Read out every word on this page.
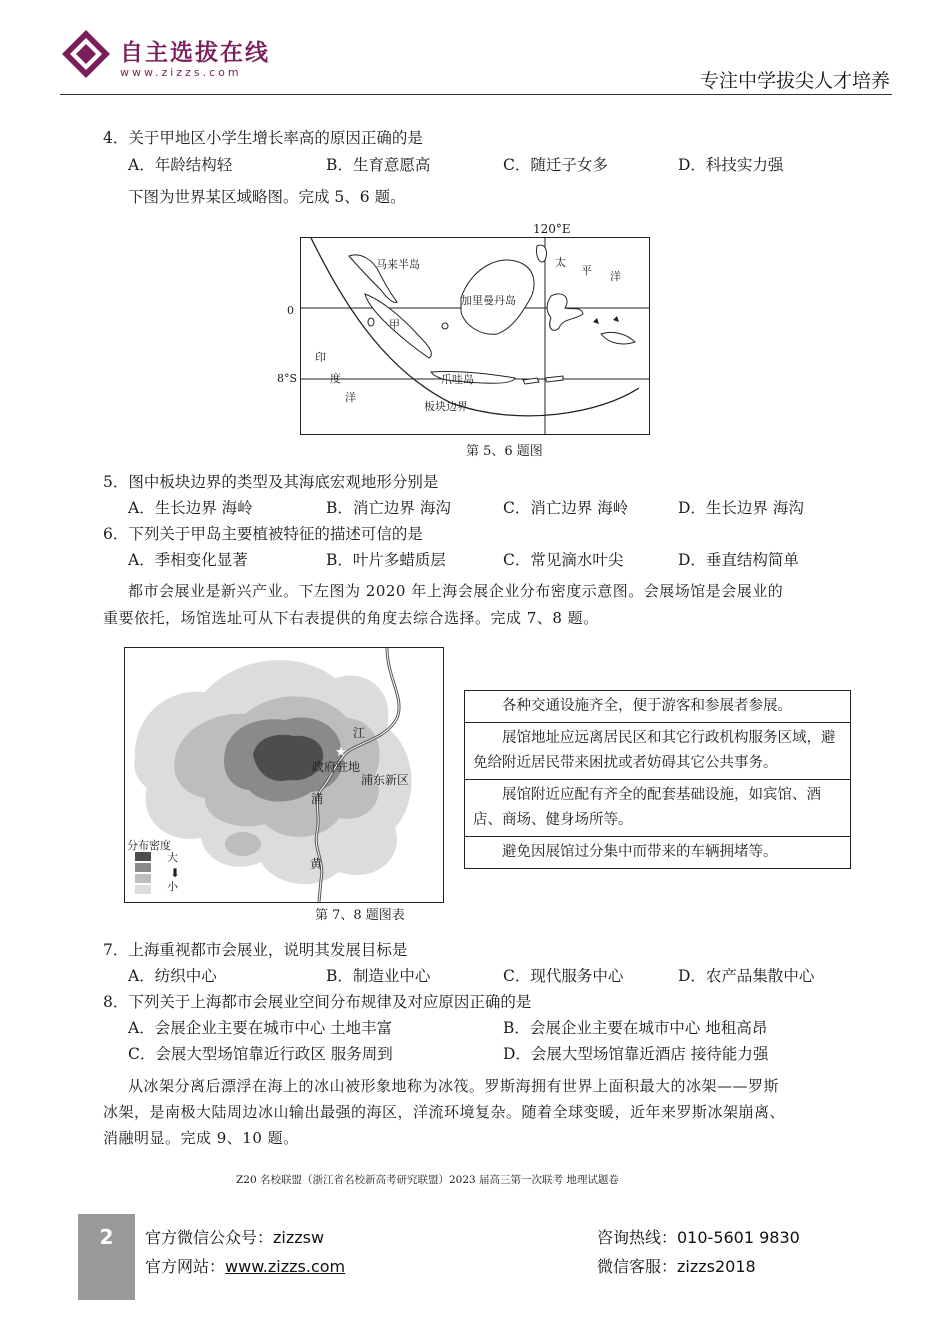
自主选拔在线
www.zizzs.com	专注中学拔尖人才培养
4．关于甲地区小学生增长率高的原因正确的是
A．年龄结构轻	B．生育意愿高	C．随迁子女多	D．科技实力强
下图为世界某区域略图。完成 5、6 题。
120°E
0
8°S
马来半岛
加里曼丹岛
甲
爪哇岛
板块边界
印
度
洋
太
平 洋
第 5、6 题图
5．图中板块边界的类型及其海底宏观地形分别是
A．生长边界 海岭	B．消亡边界 海沟	C．消亡边界 海岭	D．生长边界 海沟
6．下列关于甲岛主要植被特征的描述可信的是
A．季相变化显著	B．叶片多蜡质层	C．常见滴水叶尖	D．垂直结构简单
都市会展业是新兴产业。下左图为 2020 年上海会展企业分布密度示意图。会展场馆是会展业的
重要依托，场馆选址可从下右表提供的角度去综合选择。完成 7、8 题。
★
⬇
江
政府驻地
浦东新区
浦
黄
分布密度
大
小
第 7、8 题图表
各种交通设施齐全，便于游客和参展者参展。
展馆地址应远离居民区和其它行政机构服务区域，避免给附近居民带来困扰或者妨碍其它公共事务。
展馆附近应配有齐全的配套基础设施，如宾馆、酒店、商场、健身场所等。
避免因展馆过分集中而带来的车辆拥堵等。
7．上海重视都市会展业，说明其发展目标是
A．纺织中心	B．制造业中心	C．现代服务中心	D．农产品集散中心
8．下列关于上海都市会展业空间分布规律及对应原因正确的是
A．会展企业主要在城市中心 土地丰富	B．会展企业主要在城市中心 地租高昂
C．会展大型场馆靠近行政区 服务周到	D．会展大型场馆靠近酒店 接待能力强
从冰架分离后漂浮在海上的冰山被形象地称为冰筏。罗斯海拥有世界上面积最大的冰架——罗斯
冰架，是南极大陆周边冰山输出最强的海区，洋流环境复杂。随着全球变暖，近年来罗斯冰架崩离、
消融明显。完成 9、10 题。
Z20 名校联盟（浙江省名校新高考研究联盟）2023 届高三第一次联考 地理试题卷
2	官方微信公众号：zizzsw
官方网站：www.zizzs.com
咨询热线：010-5601 9830
微信客服：zizzs2018
